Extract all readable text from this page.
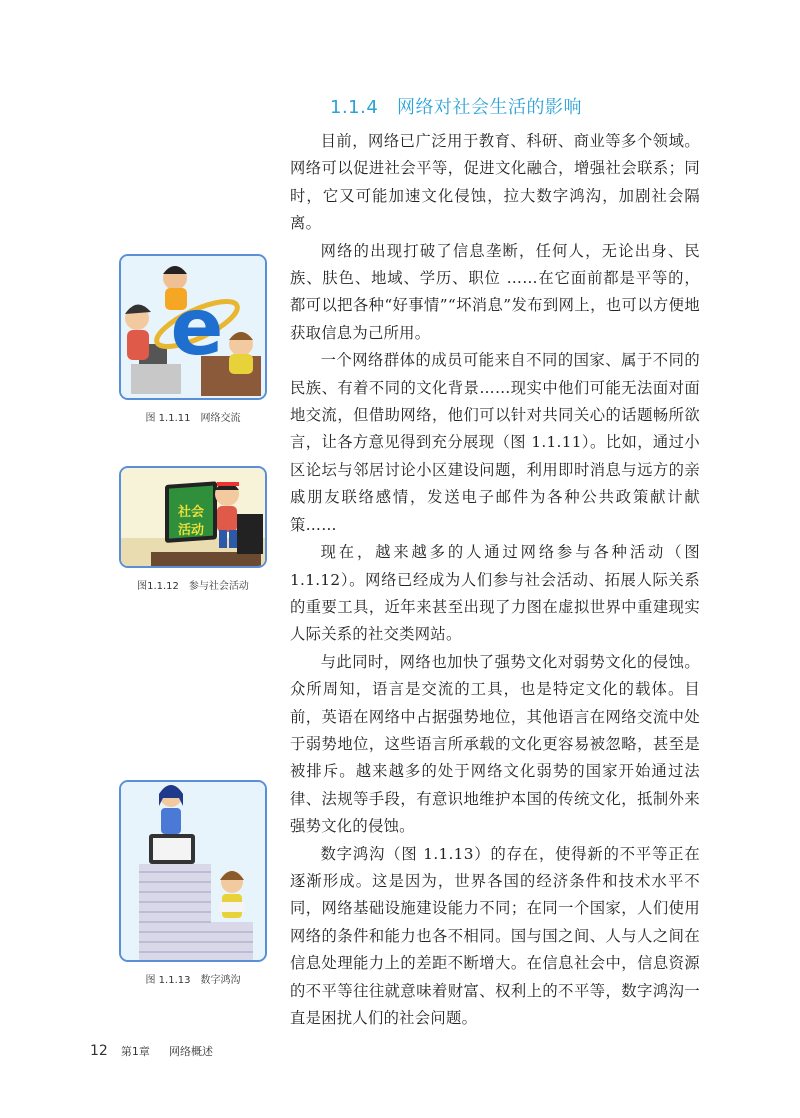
1.1.4 网络对社会生活的影响

目前，网络已广泛用于教育、科研、商业等多个领域。网络可以促进社会平等，促进文化融合，增强社会联系；同时，它又可能加速文化侵蚀，拉大数字鸿沟，加剧社会隔离。

网络的出现打破了信息垄断，任何人，无论出身、民族、肤色、地域、学历、职位 ……在它面前都是平等的，都可以把各种“好事情”“坏消息”发布到网上，也可以方便地获取信息为己所用。

一个网络群体的成员可能来自不同的国家、属于不同的民族、有着不同的文化背景……现实中他们可能无法面对面地交流，但借助网络，他们可以针对共同关心的话题畅所欲言，让各方意见得到充分展现（图 1.1.11）。比如，通过小区论坛与邻居讨论小区建设问题，利用即时消息与远方的亲戚朋友联络感情，发送电子邮件为各种公共政策献计献策……

现在，越来越多的人通过网络参与各种活动（图 1.1.12）。网络已经成为人们参与社会活动、拓展人际关系的重要工具，近年来甚至出现了力图在虚拟世界中重建现实人际关系的社交类网站。

与此同时，网络也加快了强势文化对弱势文化的侵蚀。众所周知，语言是交流的工具，也是特定文化的载体。目前，英语在网络中占据强势地位，其他语言在网络交流中处于弱势地位，这些语言所承载的文化更容易被忽略，甚至是被排斥。越来越多的处于网络文化弱势的国家开始通过法律、法规等手段，有意识地维护本国的传统文化，抵制外来强势文化的侵蚀。

数字鸿沟（图 1.1.13）的存在，使得新的不平等正在逐渐形成。这是因为，世界各国的经济条件和技术水平不同，网络基础设施建设能力不同；在同一个国家，人们使用网络的条件和能力也各不相同。国与国之间、人与人之间在信息处理能力上的差距不断增大。在信息社会中，信息资源的不平等往往就意味着财富、权利上的不平等，数字鸿沟一直是困扰人们的社会问题。

e
图 1.1.11 网络交流
社会
活动
图1.1.12 参与社会活动
图 1.1.13 数字鸿沟
12 第1章 网络概述
